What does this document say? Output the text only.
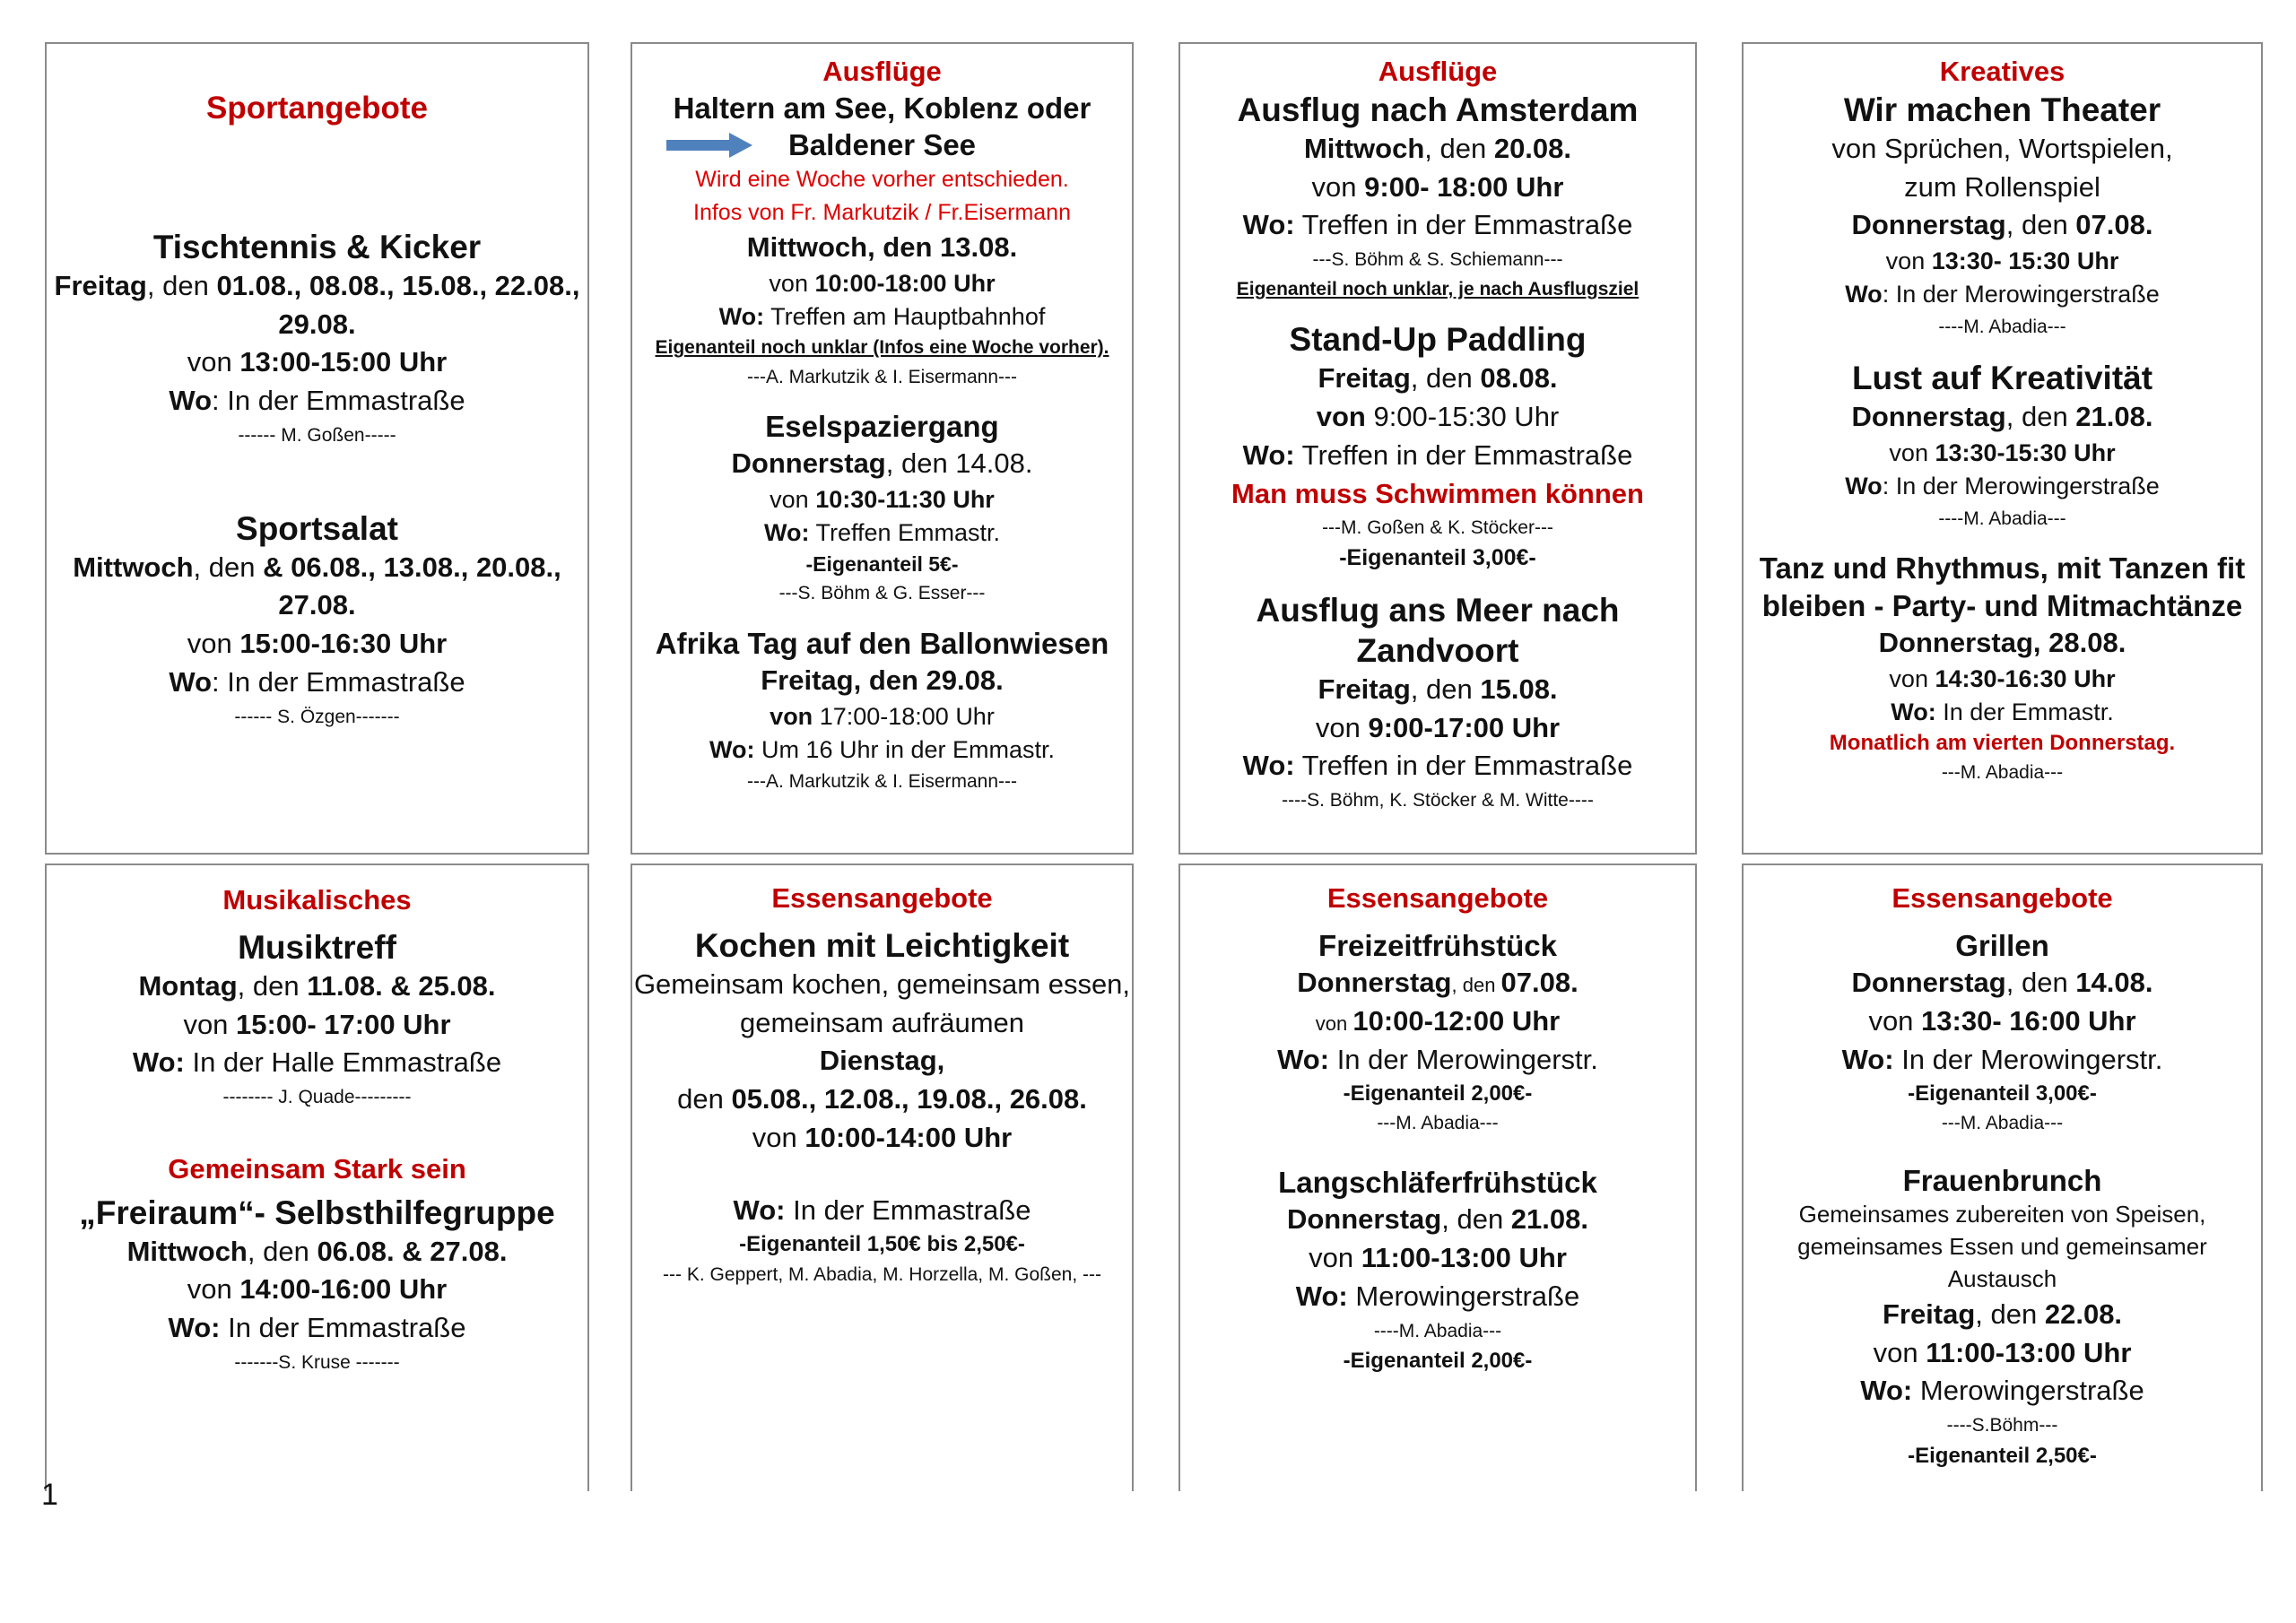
Sportangebote
Tischtennis & Kicker
Freitag, den 01.08., 08.08., 15.08., 22.08., 29.08.
von 13:00-15:00 Uhr
Wo: In der Emmastraße
------ M. Goßen-----
Sportsalat
Mittwoch, den & 06.08., 13.08., 20.08., 27.08.
von 15:00-16:30 Uhr
Wo: In der Emmastraße
------ S. Özgen-------
Ausflüge
Haltern am See, Koblenz oder
Baldener See
Wird eine Woche vorher entschieden.
Infos von Fr. Markutzik / Fr.Eisermann
Mittwoch, den 13.08.
von 10:00-18:00 Uhr
Wo: Treffen am Hauptbahnhof
Eigenanteil noch unklar (Infos eine Woche vorher).
---A. Markutzik & I. Eisermann---
Eselspaziergang
Donnerstag, den 14.08.
von 10:30-11:30 Uhr
Wo: Treffen Emmastr.
-Eigenanteil 5€-
---S. Böhm & G. Esser---
Afrika Tag auf den Ballonwiesen
Freitag, den 29.08.
von 17:00-18:00 Uhr
Wo: Um 16 Uhr in der Emmastr.
---A. Markutzik & I. Eisermann---
Ausflüge
Ausflug nach Amsterdam
Mittwoch, den 20.08.
von 9:00- 18:00 Uhr
Wo: Treffen in der Emmastraße
---S. Böhm & S. Schiemann---
Eigenanteil noch unklar, je nach Ausflugsziel
Stand-Up Paddling
Freitag, den 08.08.
von 9:00-15:30 Uhr
Wo: Treffen in der Emmastraße
Man muss Schwimmen können
---M. Goßen & K. Stöcker---
-Eigenanteil 3,00€-
Ausflug ans Meer nach Zandvoort
Freitag, den 15.08.
von 9:00-17:00 Uhr
Wo: Treffen in der Emmastraße
----S. Böhm, K. Stöcker & M. Witte----
Kreatives
Wir machen Theater
von Sprüchen, Wortspielen,
zum Rollenspiel
Donnerstag, den 07.08.
von 13:30- 15:30 Uhr
Wo: In der Merowingerstraße
----M. Abadia---
Lust auf Kreativität
Donnerstag, den 21.08.
von 13:30-15:30 Uhr
Wo: In der Merowingerstraße
----M. Abadia---
Tanz und Rhythmus, mit Tanzen fit
bleiben - Party- und Mitmachtänze
Donnerstag, 28.08.
von 14:30-16:30 Uhr
Wo: In der Emmastr.
Monatlich am vierten Donnerstag.
---M. Abadia---
Musikalisches
Musiktreff
Montag, den 11.08. & 25.08.
von 15:00- 17:00 Uhr
Wo: In der Halle Emmastraße
-------- J. Quade---------
Gemeinsam Stark sein
„Freiraum“- Selbsthilfegruppe
Mittwoch, den 06.08. & 27.08.
von 14:00-16:00 Uhr
Wo: In der Emmastraße
-------S. Kruse -------
Essensangebote
Kochen mit Leichtigkeit
Gemeinsam kochen, gemeinsam essen,
gemeinsam aufräumen
Dienstag,
den 05.08., 12.08., 19.08., 26.08.
von 10:00-14:00 Uhr
Wo: In der Emmastraße
-Eigenanteil 1,50€ bis 2,50€-
--- K. Geppert, M. Abadia, M. Horzella, M. Goßen, ---
Essensangebote
Freizeitfrühstück
Donnerstag, den 07.08.
von 10:00-12:00 Uhr
Wo: In der Merowingerstr.
-Eigenanteil 2,00€-
---M. Abadia---
Langschläferfrühstück
Donnerstag, den 21.08.
von 11:00-13:00 Uhr
Wo: Merowingerstraße
----M. Abadia---
-Eigenanteil 2,00€-
Essensangebote
Grillen
Donnerstag, den 14.08.
von 13:30- 16:00 Uhr
Wo: In der Merowingerstr.
-Eigenanteil 3,00€-
---M. Abadia---
Frauenbrunch
Gemeinsames zubereiten von Speisen,
gemeinsames Essen und gemeinsamer
Austausch
Freitag, den 22.08.
von 11:00-13:00 Uhr
Wo: Merowingerstraße
----S.Böhm---
-Eigenanteil 2,50€-
1
